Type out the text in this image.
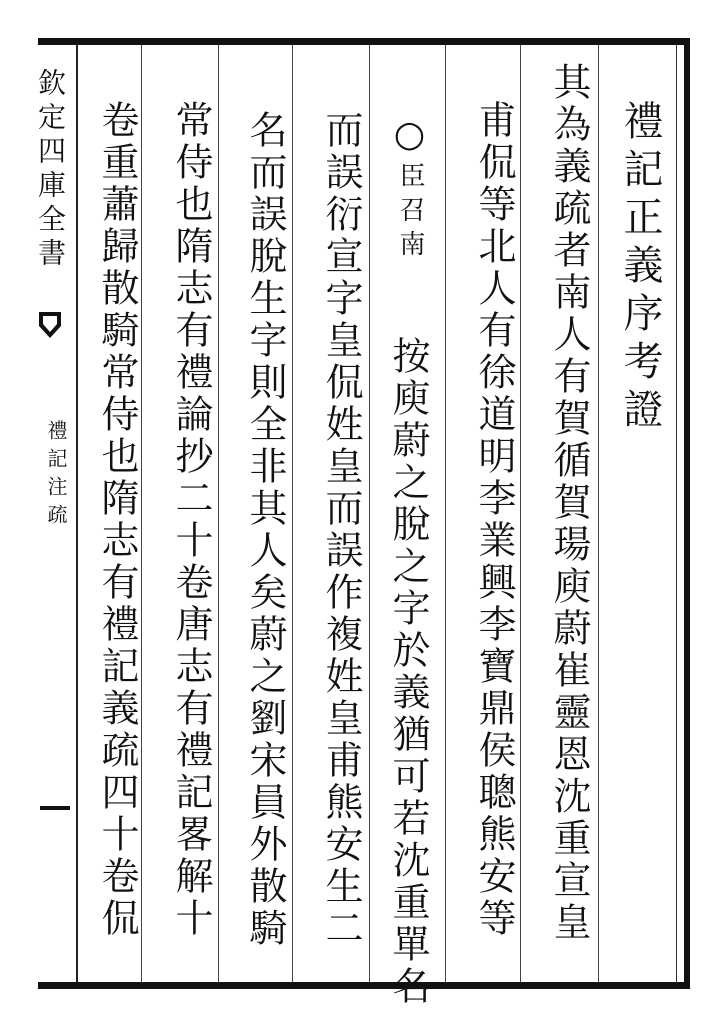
欽定四庫全書
禮記注疏
禮記正義序考證
其為義疏者南人有賀循賀瑒庾蔚崔靈恩沈重宣皇
甫侃等北人有徐道明李業興李寶鼎侯聰熊安等
○
臣召南
按庾蔚之脫之字於義猶可若沈重單名
而誤衍宣字皇侃姓皇而誤作複姓皇甫熊安生二
名而誤脫生字則全非其人矣蔚之劉宋員外散騎
常侍也隋志有禮論抄二十卷唐志有禮記畧解十
卷重蕭歸散騎常侍也隋志有禮記義疏四十卷侃
